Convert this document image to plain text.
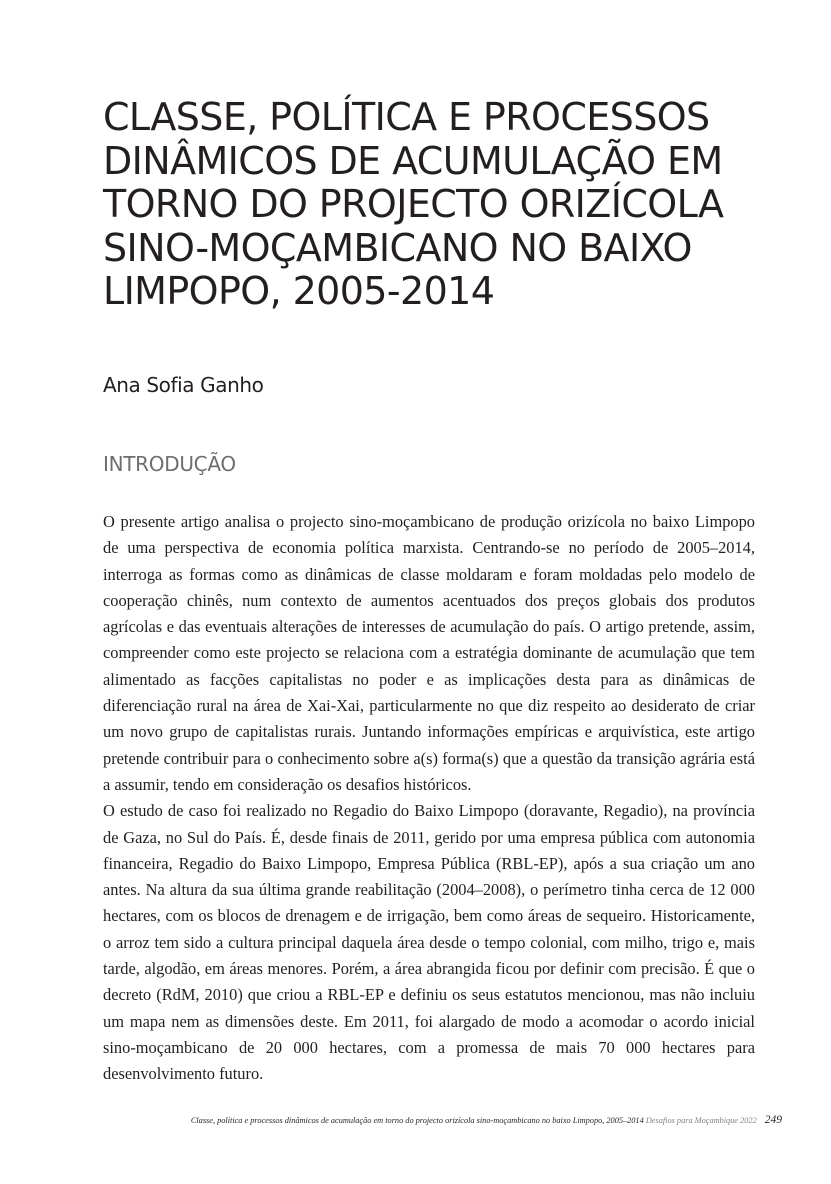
CLASSE, POLÍTICA E PROCESSOS DINÂMICOS DE ACUMULAÇÃO EM TORNO DO PROJECTO ORIZÍCOLA SINO-MOÇAMBICANO NO BAIXO LIMPOPO, 2005-2014

Ana Sofia Ganho

INTRODUÇÃO

O presente artigo analisa o projecto sino-moçambicano de produção orizícola no baixo Limpopo de uma perspectiva de economia política marxista. Centrando-se no período de 2005–2014, interroga as formas como as dinâmicas de classe moldaram e foram moldadas pelo modelo de cooperação chinês, num contexto de aumentos acentuados dos preços globais dos produtos agrícolas e das eventuais alterações de interesses de acumulação do país. O artigo pretende, assim, compreender como este projecto se relaciona com a estratégia dominante de acumulação que tem alimentado as facções capitalistas no poder e as implicações desta para as dinâmicas de diferenciação rural na área de Xai-Xai, particularmente no que diz respeito ao desiderato de criar um novo grupo de capitalistas rurais. Juntando informações empíricas e arquivística, este artigo pretende contribuir para o conhecimento sobre a(s) forma(s) que a questão da transição agrária está a assumir, tendo em consideração os desafios históricos.

O estudo de caso foi realizado no Regadio do Baixo Limpopo (doravante, Regadio), na província de Gaza, no Sul do País. É, desde finais de 2011, gerido por uma empresa pública com autonomia financeira, Regadio do Baixo Limpopo, Empresa Pública (RBL-EP), após a sua criação um ano antes. Na altura da sua última grande reabilitação (2004–2008), o perímetro tinha cerca de 12 000 hectares, com os blocos de drenagem e de irrigação, bem como áreas de sequeiro. Historicamente, o arroz tem sido a cultura principal daquela área desde o tempo colonial, com milho, trigo e, mais tarde, algodão, em áreas menores. Porém, a área abrangida ficou por definir com precisão. É que o decreto (RdM, 2010) que criou a RBL-EP e definiu os seus estatutos mencionou, mas não incluiu um mapa nem as dimensões deste. Em 2011, foi alargado de modo a acomodar o acordo inicial sino-moçambicano de 20 000 hectares, com a promessa de mais 70 000 hectares para desenvolvimento futuro.

Classe, política e processos dinâmicos de acumulação em torno do projecto orizícola sino-moçambicano no baixo Limpopo, 2005–2014 Desafios para Moçambique 2022 249
